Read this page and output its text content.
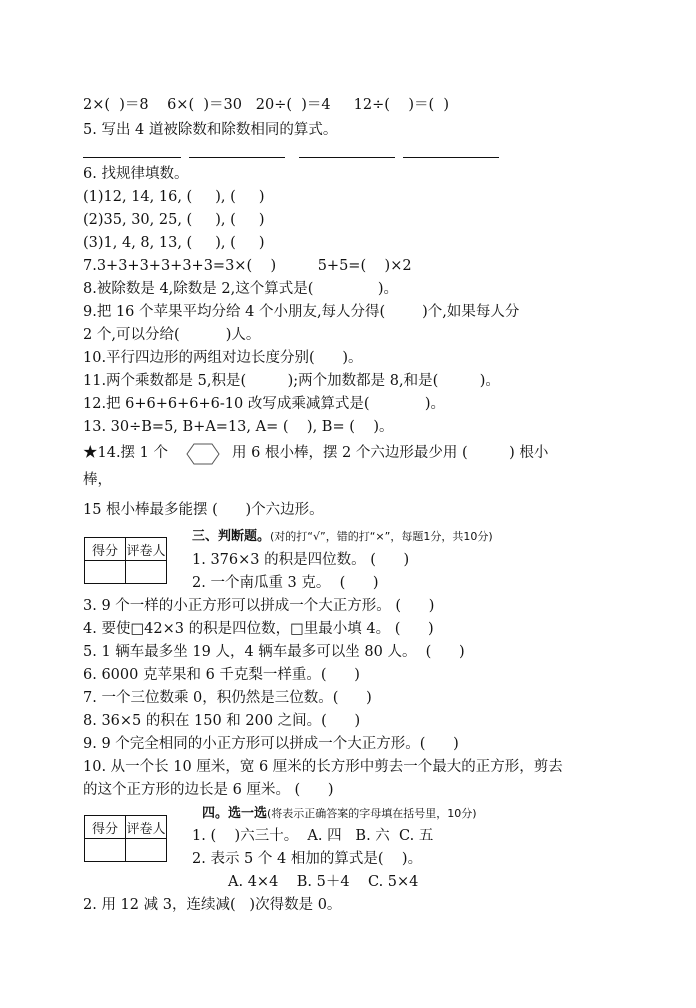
2×(  )＝8    6×(  )＝30   20÷(  )＝4     12÷(    )＝(  )
5. 写出 4 道被除数和除数相同的算式。
6. 找规律填数。
(1)12, 14, 16, (     ), (     )
(2)35, 30, 25, (     ), (     )
(3)1, 4, 8, 13, (     ), (     )
7.3+3+3+3+3+3=3×(    )         5+5=(    )×2
8.被除数是 4,除数是 2,这个算式是(              )。
9.把 16 个苹果平均分给 4 个小朋友,每人分得(        )个,如果每人分
2 个,可以分给(          )人。
10.平行四边形的两组对边长度分别(      )。
11.两个乘数都是 5,积是(         );两个加数都是 8,和是(         )。
12.把 6+6+6+6+6-10 改写成乘减算式是(            )。
13. 30÷B=5, B+A=13, A= (    ), B= (    )。
★14.摆 1 个	用 6 根小棒，摆 2 个六边形最少用 (         ) 根小
棒，
15 根小棒最多能摆 (      )个六边形。
得分	评卷人

三、判断题。(对的打“√”，错的打“×”，每题1分，共10分)
1. 376×3 的积是四位数。 (      )
2. 一个南瓜重 3 克。  (      )
3. 9 个一样的小正方形可以拼成一个大正方形。 (      )
4. 要使□42×3 的积是四位数，□里最小填 4。 (      )
5. 1 辆车最多坐 19 人，4 辆车最多可以坐 80 人。  (      )
6. 6000 克苹果和 6 千克梨一样重。(      )
7. 一个三位数乘 0，积仍然是三位数。(      )
8. 36×5 的积在 150 和 200 之间。(      )
9. 9 个完全相同的小正方形可以拼成一个大正方形。(      )
10. 从一个长 10 厘米，宽 6 厘米的长方形中剪去一个最大的正方形，剪去
的这个正方形的边长是 6 厘米。 (      )
得分	评卷人

四。选一选(将表示正确答案的字母填在括号里，10分)
1. (    )六三十。  A. 四   B. 六  C. 五
2. 表示 5 个 4 相加的算式是(    )。
A. 4×4    B. 5＋4    C. 5×4
2. 用 12 减 3，连续减(   )次得数是 0。
